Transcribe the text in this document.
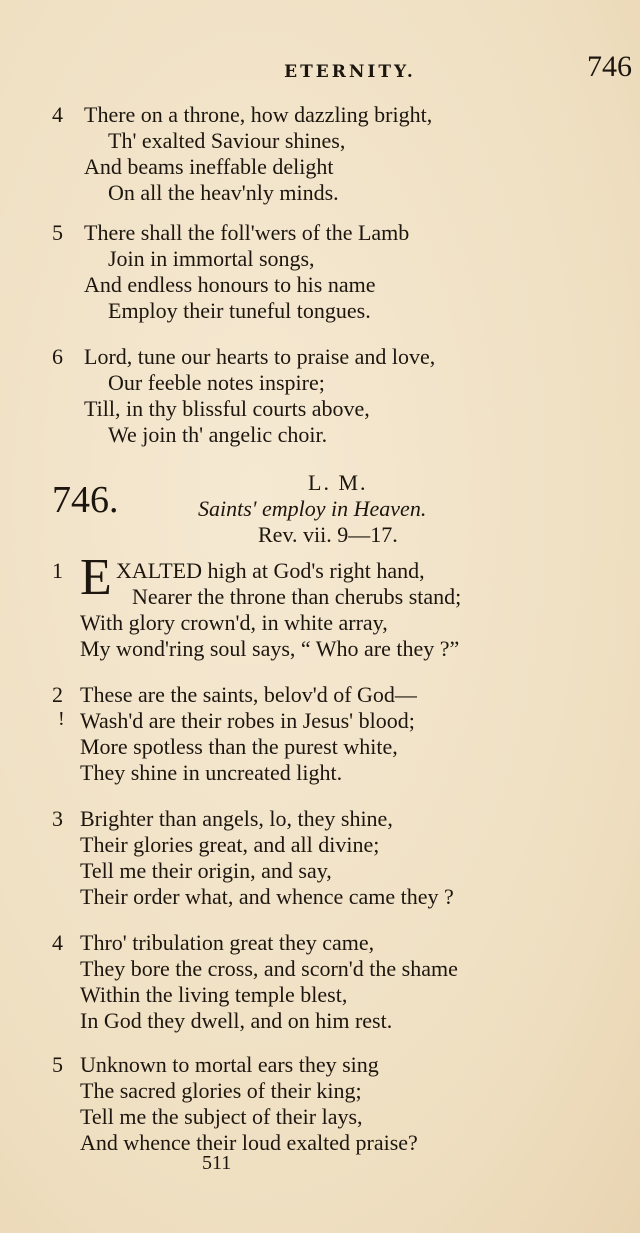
ETERNITY.	746
4 There on a throne, how dazzling bright,
Th' exalted Saviour shines,
And beams ineffable delight
On all the heav'nly minds.
5 There shall the foll'wers of the Lamb
Join in immortal songs,
And endless honours to his name
Employ their tuneful tongues.
6 Lord, tune our hearts to praise and love,
Our feeble notes inspire;
Till, in thy blissful courts above,
We join th' angelic choir.
746.	L. M.
Saints' employ in Heaven.
Rev. vii. 9—17.
1 E XALTED high at God's right hand,
Nearer the throne than cherubs stand;
With glory crown'd, in white array,
My wond'ring soul says, “ Who are they ?”
2 These are the saints, belov'd of God—
! Wash'd are their robes in Jesus' blood;
More spotless than the purest white,
They shine in uncreated light.
3 Brighter than angels, lo, they shine,
Their glories great, and all divine;
Tell me their origin, and say,
Their order what, and whence came they ?
4 Thro' tribulation great they came,
They bore the cross, and scorn'd the shame
Within the living temple blest,
In God they dwell, and on him rest.
5 Unknown to mortal ears they sing
The sacred glories of their king;
Tell me the subject of their lays,
And whence their loud exalted praise?
511
